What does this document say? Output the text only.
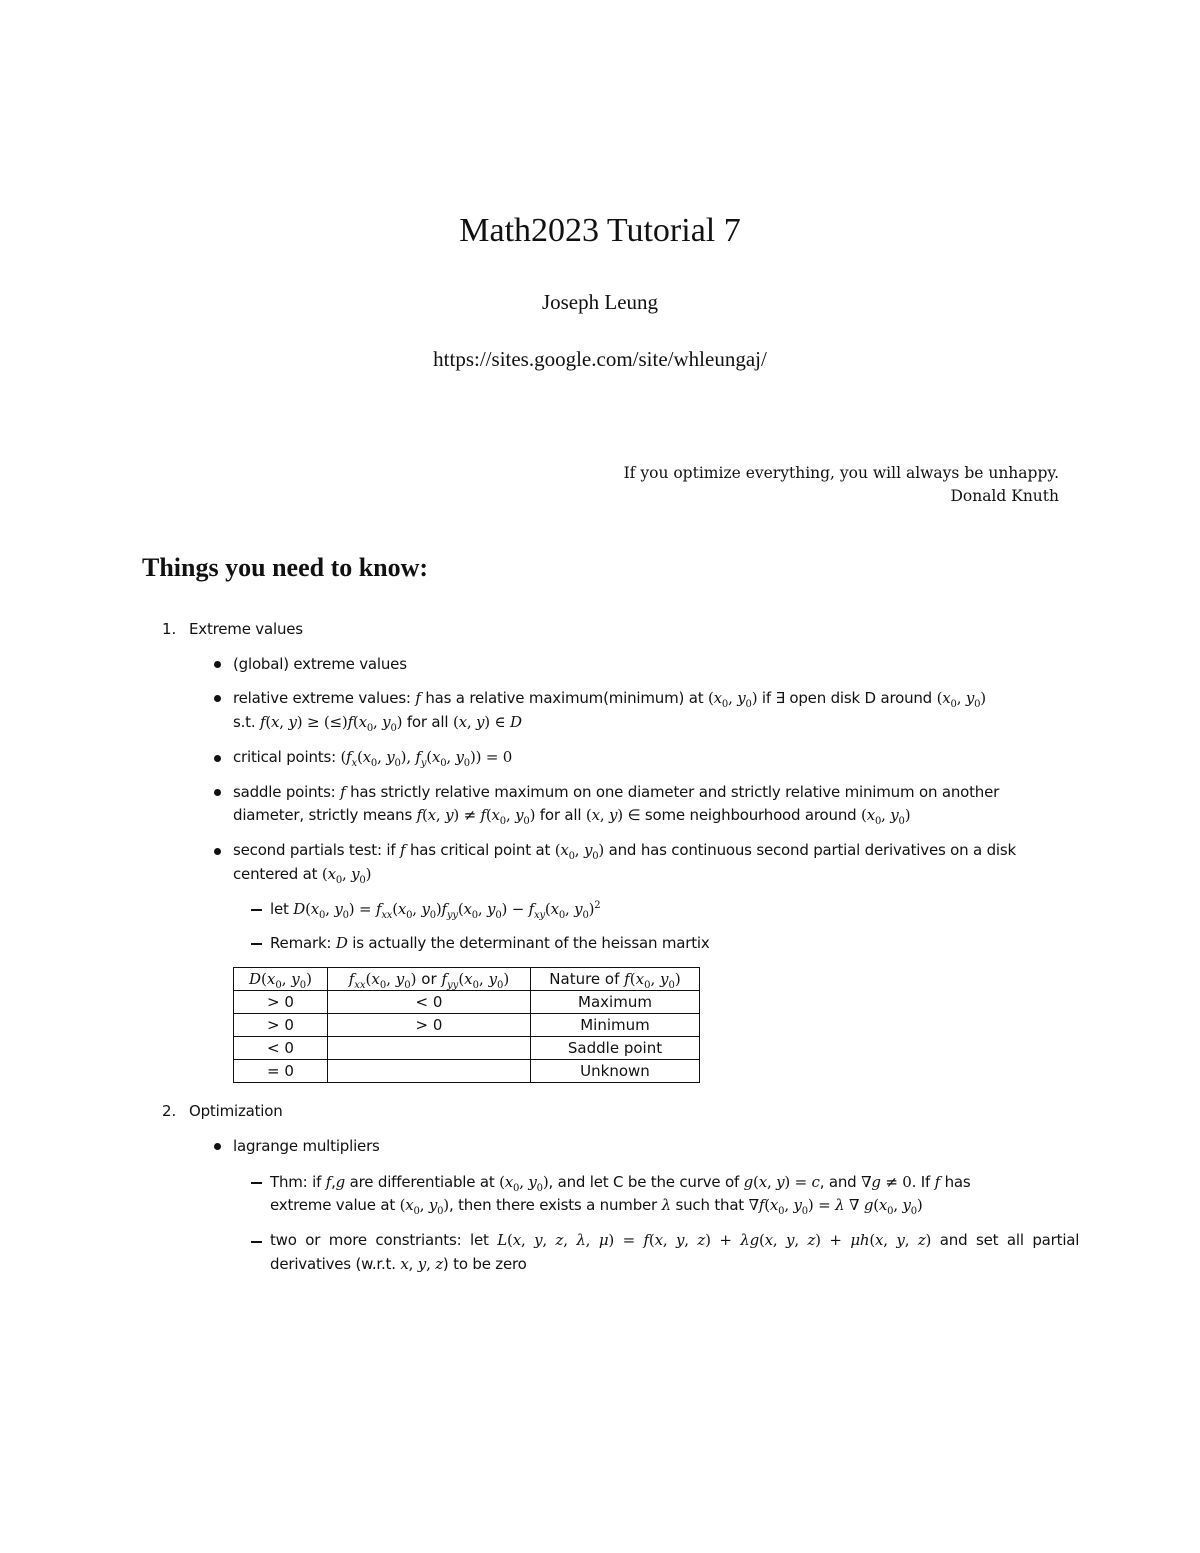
Math2023 Tutorial 7
Joseph Leung
https://sites.google.com/site/whleungaj/
If you optimize everything, you will always be unhappy.
Donald Knuth
Things you need to know:
1. Extreme values
(global) extreme values
relative extreme values: f has a relative maximum(minimum) at ($x_0$, $y_0$) if ∃ open disk D around ($x_0$, $y_0$)
s.t. f(x, $y) \ge (\le)f(x_0$, $y_0$) for all (x, y) ∈ D
critical points: ($f_x(x_0$, $y_0$), $f_y(x_0$, $y_0)) = 0$
saddle points: f has strictly relative maximum on one diameter and strictly relative minimum on another
diameter, strictly means f(x, $y) \ne f(x_0$, $y_0$) for all (x, y) ∈ some neighbourhood around ($x_0$, $y_0$)
second partials test: if f has critical point at ($x_0$, $y_0$) and has continuous second partial derivatives on a disk
centered at ($x_0$, $y_0$)
let $D(x_0$, $y_0) = f_{xx}(x_0$, $y_0)f_{yy}(x_0$, $y_0) - f_{xy}(x_0$, $y_0)^2$
Remark: D is actually the determinant of the heissan martix
$D(x_0$, $y_0$)	$f_{xx}(x_0$, $y_0$) or $f_{yy}(x_0$, $y_0$)	Nature of $f(x_0$, $y_0$)
> 0	< 0	Maximum
> 0	> 0	Minimum
< 0		Saddle point
= 0		Unknown
2. Optimization
lagrange multipliers
Thm: if f,g are differentiable at ($x_0$, $y_0$), and let C be the curve of g(x, y) = c, and ∇g ≠ 0. If f has
extreme value at ($x_0$, $y_0$), then there exists a number λ such that $\nabla f(x_0$, $y_0) = \lambda$ ∇ $g(x_0$, $y_0$)
two or more constriants: let L(x, y, z, λ, μ) = f(x, y, z) + λg(x, y, z) + μh(x, y, z) and set all partial
derivatives (w.r.t. x, y, z) to be zero
